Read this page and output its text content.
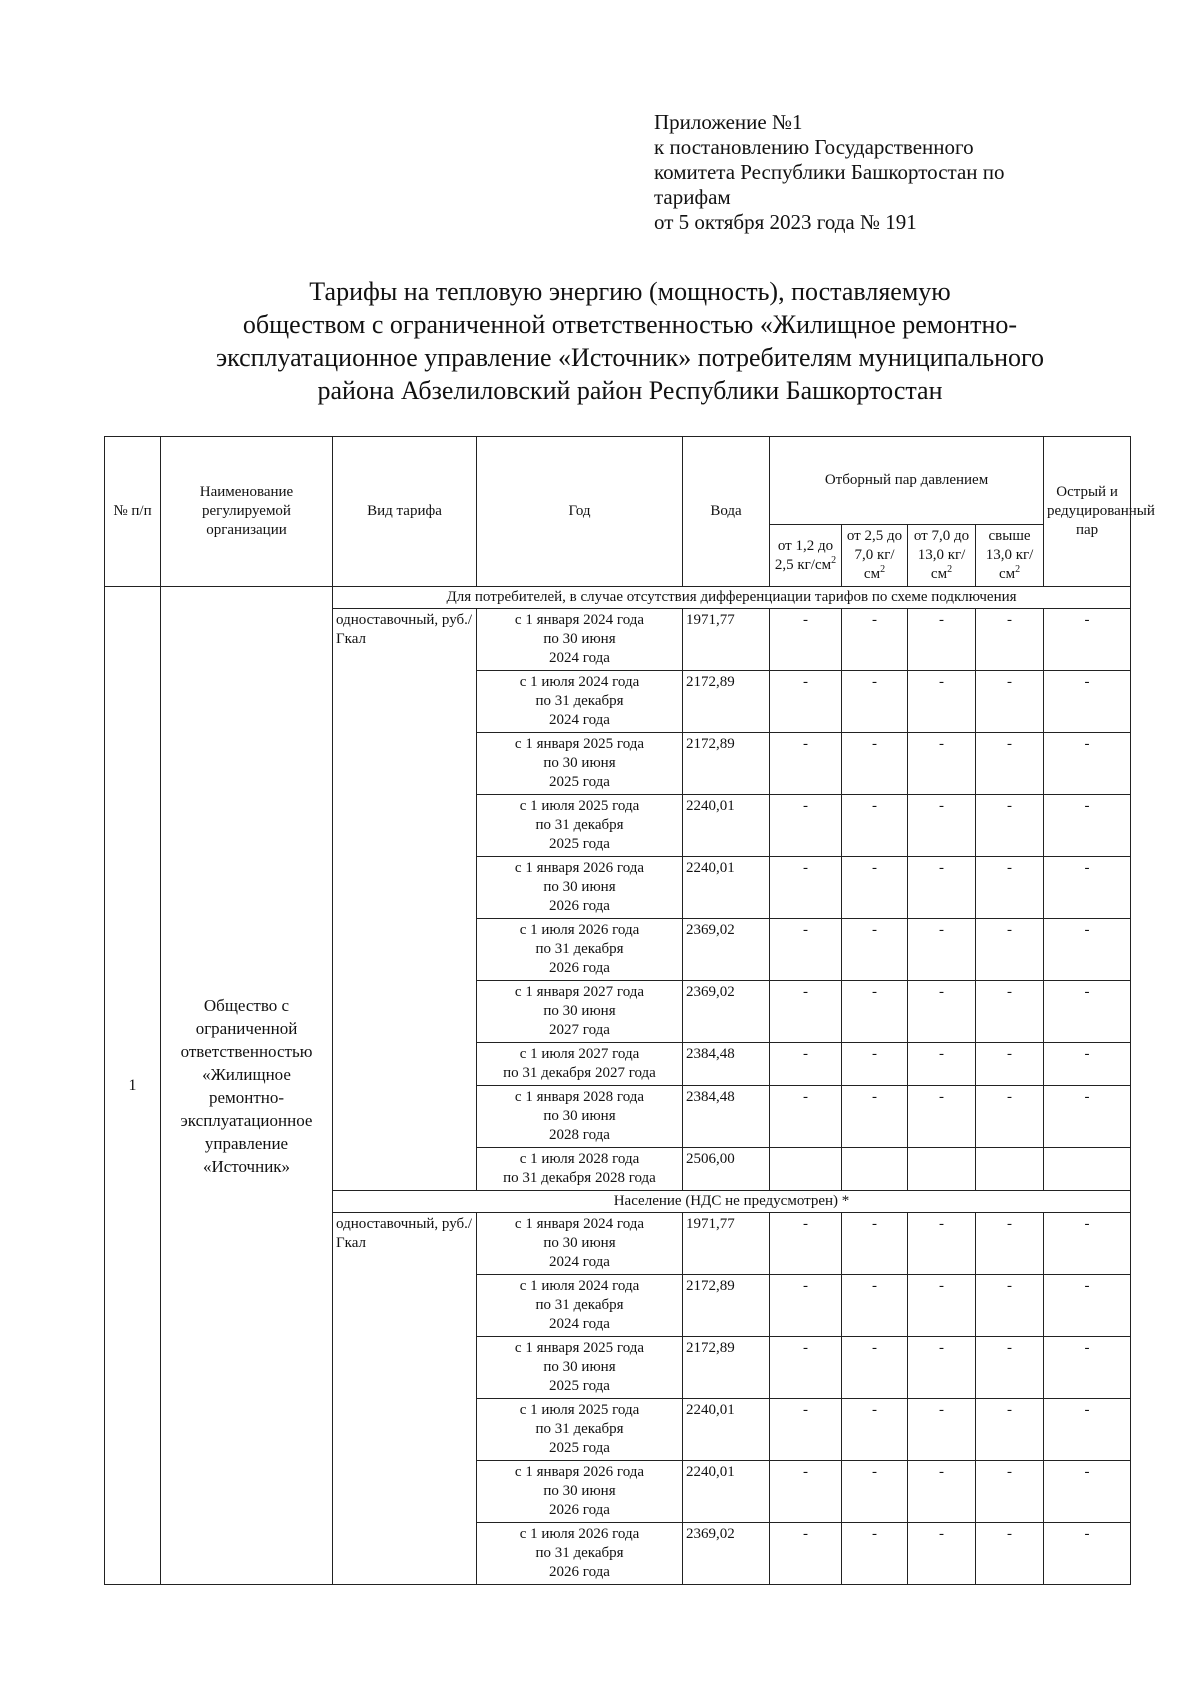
Приложение №1
к постановлению Государственного
комитета Республики Башкортостан по
тарифам
от 5 октября 2023 года № 191
Тарифы на тепловую энергию (мощность), поставляемую
обществом с ограниченной ответственностью «Жилищное ремонтно-
эксплуатационное управление «Источник» потребителям муниципального
района Абзелиловский район Республики Башкортостан
№ п/п	Наименование регулируемой организации	Вид тарифа	Год	Вода	Отборный пар давлением				Острый и редуцированный пар
					от 1,2 до 2,5 $кг/см^2$	от 2,5 до 7,0 $кг/см^2$	от 7,0 до 13,0 $кг/см^2$	свыше 13,0 $кг/см^2$
1	Общество с ограниченной ответственностью «Жилищное ремонтно-эксплуатационное управление «Источник»	Для потребителей, в случае отсутствия дифференциации тарифов по схеме подключения							
		одноставочный, руб./Гкал	с 1 января 2024 года
по 30 июня
2024 года	1971,77	-	-	-	-	-

			с 1 июля 2024 года
по 31 декабря
2024 года	2172,89	-	-	-	-	-

			с 1 января 2025 года
по 30 июня
2025 года	2172,89	-	-	-	-	-

			с 1 июля 2025 года
по 31 декабря
2025 года	2240,01	-	-	-	-	-

			с 1 января 2026 года
по 30 июня
2026 года	2240,01	-	-	-	-	-

			с 1 июля 2026 года
по 31 декабря
2026 года	2369,02	-	-	-	-	-

			с 1 января 2027 года
по 30 июня
2027 года	2369,02	-	-	-	-	-

			с 1 июля 2027 года
по 31 декабря 2027 года	2384,48	-	-	-	-	-

			с 1 января 2028 года
по 30 июня
2028 года	2384,48	-	-	-	-	-

			с 1 июля 2028 года
по 31 декабря 2028 года	2506,00					
		Население (НДС не предусмотрен) *							
		одноставочный, руб./Гкал	с 1 января 2024 года
по 30 июня
2024 года	1971,77	-	-	-	-	-

			с 1 июля 2024 года
по 31 декабря
2024 года	2172,89	-	-	-	-	-

			с 1 января 2025 года
по 30 июня
2025 года	2172,89	-	-	-	-	-

			с 1 июля 2025 года
по 31 декабря
2025 года	2240,01	-	-	-	-	-

			с 1 января 2026 года
по 30 июня
2026 года	2240,01	-	-	-	-	-

			с 1 июля 2026 года
по 31 декабря
2026 года	2369,02	-	-	-	-	-
